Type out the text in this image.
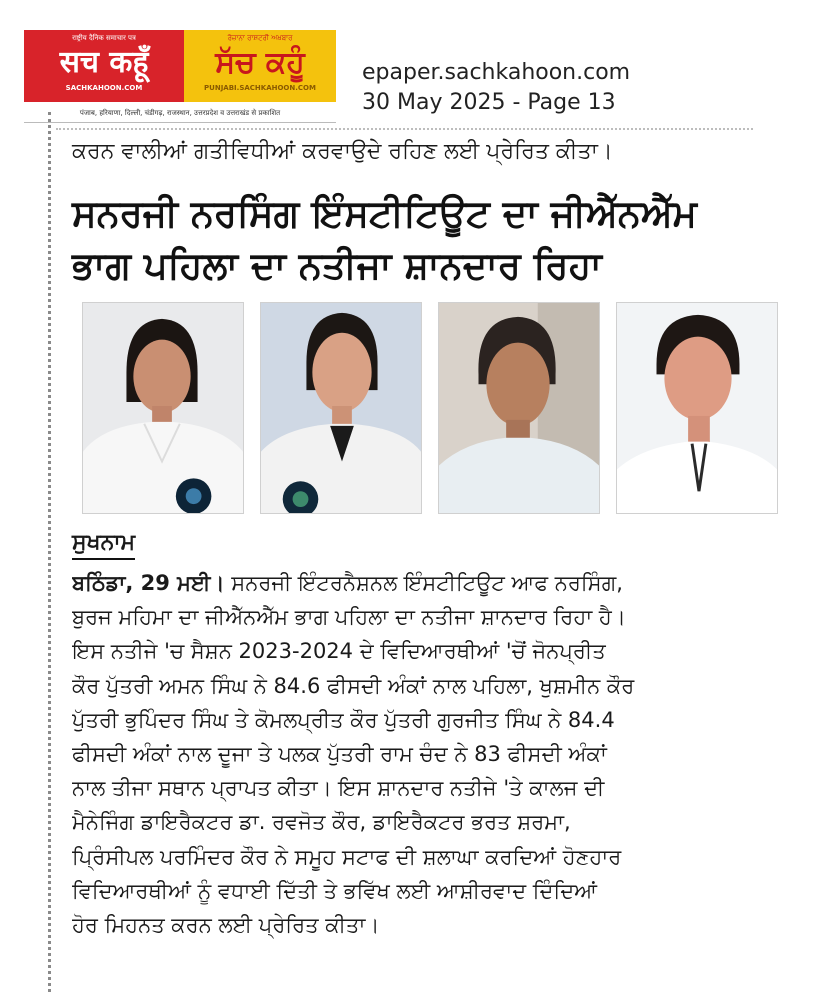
राष्ट्रीय दैनिक समाचार पत्र
सच कहूँ
SACHKAHOON.COM
ਰੋਜ਼ਾਨਾ ਰਾਸ਼ਟਰੀ ਅਖ਼ਬਾਰ
ਸੱਚ ਕਹੂੰ
PUNJABI.SACHKAHOON.COM
पंजाब, हरियाणा, दिल्ली, चंडीगढ़, राजस्थान, उत्तरप्रदेश व उत्तराखंड से प्रकाशित
epaper.sachkahoon.com
30 May 2025 - Page 13
ਕਰਨ ਵਾਲੀਆਂ ਗਤੀਵਿਧੀਆਂ ਕਰਵਾਉਦੇ ਰਹਿਣ ਲਈ ਪ੍ਰੇਰਿਤ ਕੀਤਾ।
ਸਨਰਜੀ ਨਰਸਿੰਗ ਇੰਸਟੀਟਿਊਟ ਦਾ ਜੀਐੱਨਐੱਮ
ਭਾਗ ਪਹਿਲਾ ਦਾ ਨਤੀਜਾ ਸ਼ਾਨਦਾਰ ਰਿਹਾ
ਸੁਖਨਾਮ
ਬਠਿੰਡਾ, 29 ਮਈ। ਸਨਰਜੀ ਇੰਟਰਨੈਸ਼ਨਲ ਇੰਸਟੀਟਿਊਟ ਆਫ ਨਰਸਿੰਗ,
ਬੁਰਜ ਮਹਿਮਾ ਦਾ ਜੀਐੱਨਐੱਮ ਭਾਗ ਪਹਿਲਾ ਦਾ ਨਤੀਜਾ ਸ਼ਾਨਦਾਰ ਰਿਹਾ ਹੈ।
ਇਸ ਨਤੀਜੇ 'ਚ ਸੈਸ਼ਨ 2023-2024 ਦੇ ਵਿਦਿਆਰਥੀਆਂ 'ਚੋਂ ਜੋਨਪ੍ਰੀਤ
ਕੌਰ ਪੁੱਤਰੀ ਅਮਨ ਸਿੰਘ ਨੇ 84.6 ਫੀਸਦੀ ਅੰਕਾਂ ਨਾਲ ਪਹਿਲਾ, ਖੁਸ਼ਮੀਨ ਕੌਰ
ਪੁੱਤਰੀ ਭੁਪਿੰਦਰ ਸਿੰਘ ਤੇ ਕੋਮਲਪ੍ਰੀਤ ਕੌਰ ਪੁੱਤਰੀ ਗੁਰਜੀਤ ਸਿੰਘ ਨੇ 84.4
ਫੀਸਦੀ ਅੰਕਾਂ ਨਾਲ ਦੂਜਾ ਤੇ ਪਲਕ ਪੁੱਤਰੀ ਰਾਮ ਚੰਦ ਨੇ 83 ਫੀਸਦੀ ਅੰਕਾਂ
ਨਾਲ ਤੀਜਾ ਸਥਾਨ ਪ੍ਰਾਪਤ ਕੀਤਾ। ਇਸ ਸ਼ਾਨਦਾਰ ਨਤੀਜੇ 'ਤੇ ਕਾਲਜ ਦੀ
ਮੈਨੇਜਿੰਗ ਡਾਇਰੈਕਟਰ ਡਾ. ਰਵਜੋਤ ਕੌਰ, ਡਾਇਰੈਕਟਰ ਭਰਤ ਸ਼ਰਮਾ,
ਪ੍ਰਿੰਸੀਪਲ ਪਰਮਿੰਦਰ ਕੌਰ ਨੇ ਸਮੂਹ ਸਟਾਫ ਦੀ ਸ਼ਲਾਘਾ ਕਰਦਿਆਂ ਹੋਣਹਾਰ
ਵਿਦਿਆਰਥੀਆਂ ਨੂੰ ਵਧਾਈ ਦਿੱਤੀ ਤੇ ਭਵਿੱਖ ਲਈ ਆਸ਼ੀਰਵਾਦ ਦਿੰਦਿਆਂ
ਹੋਰ ਮਿਹਨਤ ਕਰਨ ਲਈ ਪ੍ਰੇਰਿਤ ਕੀਤਾ।
